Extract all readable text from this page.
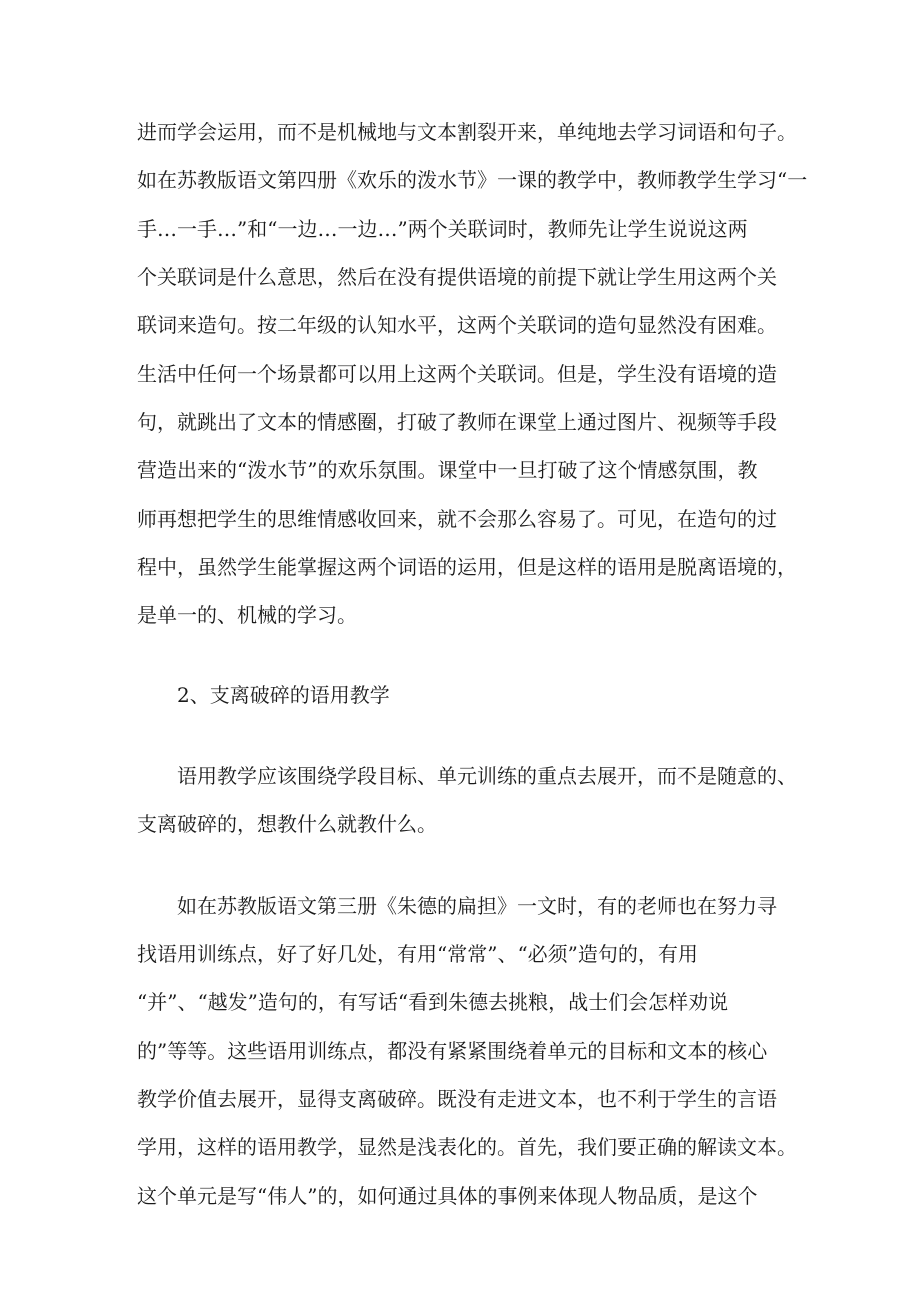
进而学会运用，而不是机械地与文本割裂开来，单纯地去学习词语和句子。
如在苏教版语文第四册《欢乐的泼水节》一课的教学中，教师教学生学习“一
手…一手…”和“一边…一边…”两个关联词时，教师先让学生说说这两
个关联词是什么意思，然后在没有提供语境的前提下就让学生用这两个关
联词来造句。按二年级的认知水平，这两个关联词的造句显然没有困难。
生活中任何一个场景都可以用上这两个关联词。但是，学生没有语境的造
句，就跳出了文本的情感圈，打破了教师在课堂上通过图片、视频等手段
营造出来的“泼水节”的欢乐氛围。课堂中一旦打破了这个情感氛围，教
师再想把学生的思维情感收回来，就不会那么容易了。可见，在造句的过
程中，虽然学生能掌握这两个词语的运用，但是这样的语用是脱离语境的，
是单一的、机械的学习。
2、支离破碎的语用教学
语用教学应该围绕学段目标、单元训练的重点去展开，而不是随意的、
支离破碎的，想教什么就教什么。
如在苏教版语文第三册《朱德的扁担》一文时，有的老师也在努力寻
找语用训练点，好了好几处，有用“常常”、“必须”造句的，有用
“并”、“越发”造句的，有写话“看到朱德去挑粮，战士们会怎样劝说
的”等等。这些语用训练点，都没有紧紧围绕着单元的目标和文本的核心
教学价值去展开，显得支离破碎。既没有走进文本，也不利于学生的言语
学用，这样的语用教学，显然是浅表化的。首先，我们要正确的解读文本。
这个单元是写“伟人”的，如何通过具体的事例来体现人物品质，是这个
